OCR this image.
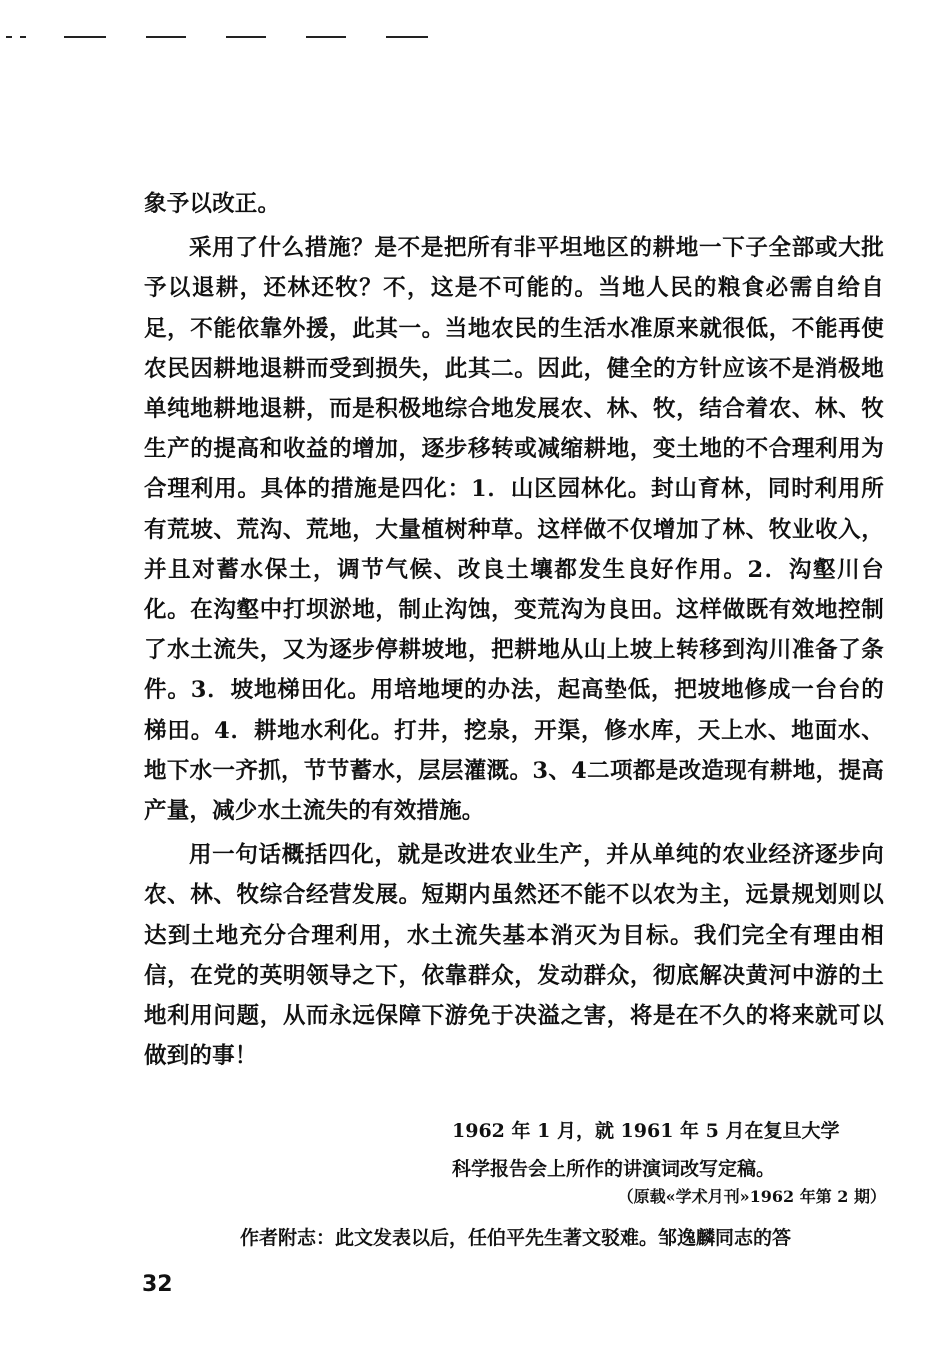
象予以改正。

采用了什么措施？是不是把所有非平坦地区的耕地一下子全部或大批予以退耕，还林还牧？不，这是不可能的。当地人民的粮食必需自给自足，不能依靠外援，此其一。当地农民的生活水准原来就很低，不能再使农民因耕地退耕而受到损失，此其二。因此，健全的方针应该不是消极地单纯地耕地退耕，而是积极地综合地发展农、林、牧，结合着农、林、牧生产的提高和收益的增加，逐步移转或减缩耕地，变土地的不合理利用为合理利用。具体的措施是四化：1．山区园林化。封山育林，同时利用所有荒坡、荒沟、荒地，大量植树种草。这样做不仅增加了林、牧业收入，并且对蓄水保土，调节气候、改良土壤都发生良好作用。2．沟壑川台化。在沟壑中打坝淤地，制止沟蚀，变荒沟为良田。这样做既有效地控制了水土流失，又为逐步停耕坡地，把耕地从山上坡上转移到沟川准备了条件。3．坡地梯田化。用培地埂的办法，起高垫低，把坡地修成一台台的梯田。4．耕地水利化。打井，挖泉，开渠，修水库，天上水、地面水、地下水一齐抓，节节蓄水，层层灌溉。3、4二项都是改造现有耕地，提高产量，减少水土流失的有效措施。

用一句话概括四化，就是改进农业生产，并从单纯的农业经济逐步向农、林、牧综合经营发展。短期内虽然还不能不以农为主，远景规划则以达到土地充分合理利用，水土流失基本消灭为目标。我们完全有理由相信，在党的英明领导之下，依靠群众，发动群众，彻底解决黄河中游的土地利用问题，从而永远保障下游免于决溢之害，将是在不久的将来就可以做到的事！

1962 年 1 月，就 1961 年 5 月在复旦大学
科学报告会上所作的讲演词改写定稿。
（原载«学术月刊»1962 年第 2 期）
作者附志：此文发表以后，任伯平先生著文驳难。邹逸麟同志的答
32
